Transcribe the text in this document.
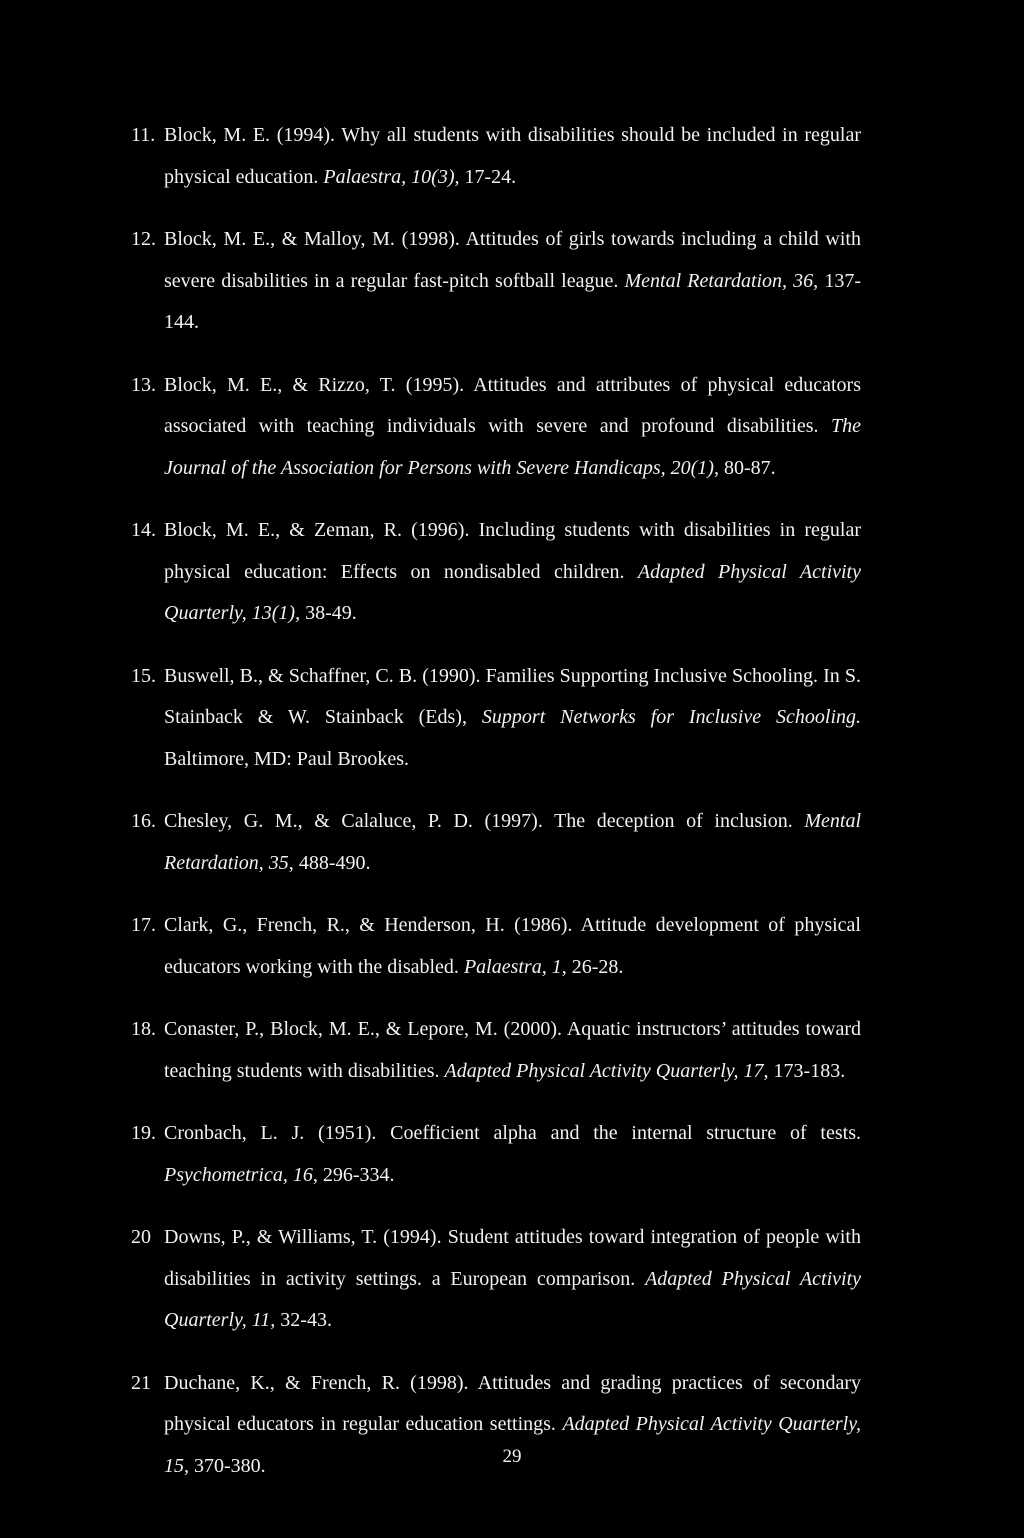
11. Block, M. E. (1994). Why all students with disabilities should be included in regular physical education. Palaestra, 10(3), 17-24.
12. Block, M. E., & Malloy, M. (1998). Attitudes of girls towards including a child with severe disabilities in a regular fast-pitch softball league. Mental Retardation, 36, 137-144.
13. Block, M. E., & Rizzo, T. (1995). Attitudes and attributes of physical educators associated with teaching individuals with severe and profound disabilities. The Journal of the Association for Persons with Severe Handicaps, 20(1), 80-87.
14. Block, M. E., & Zeman, R. (1996). Including students with disabilities in regular physical education: Effects on nondisabled children. Adapted Physical Activity Quarterly, 13(1), 38-49.
15. Buswell, B., & Schaffner, C. B. (1990). Families Supporting Inclusive Schooling. In S. Stainback & W. Stainback (Eds), Support Networks for Inclusive Schooling. Baltimore, MD: Paul Brookes.
16. Chesley, G. M., & Calaluce, P. D. (1997). The deception of inclusion. Mental Retardation, 35, 488-490.
17. Clark, G., French, R., & Henderson, H. (1986). Attitude development of physical educators working with the disabled. Palaestra, 1, 26-28.
18. Conaster, P., Block, M. E., & Lepore, M. (2000). Aquatic instructors’ attitudes toward teaching students with disabilities. Adapted Physical Activity Quarterly, 17, 173-183.
19. Cronbach, L. J. (1951). Coefficient alpha and the internal structure of tests. Psychometrica, 16, 296-334.
20 Downs, P., & Williams, T. (1994). Student attitudes toward integration of people with disabilities in activity settings. a European comparison. Adapted Physical Activity Quarterly, 11, 32-43.
21 Duchane, K., & French, R. (1998). Attitudes and grading practices of secondary physical educators in regular education settings. Adapted Physical Activity Quarterly, 15, 370-380.	29
